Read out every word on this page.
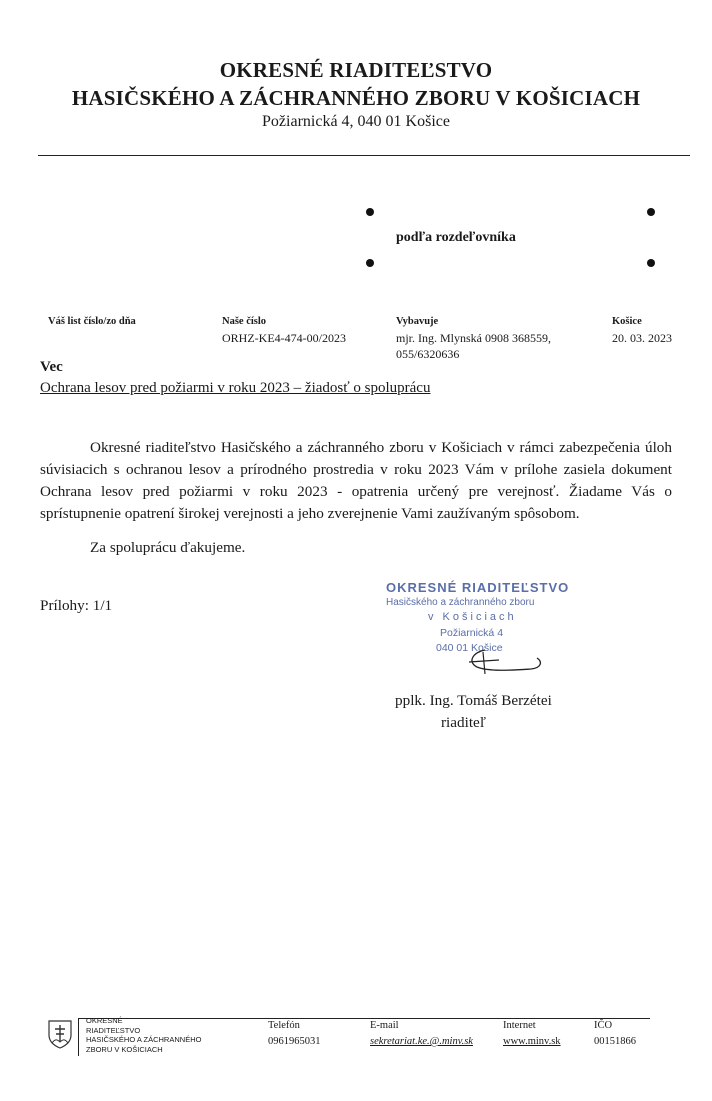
OKRESNÉ RIADITEĽSTVO
HASIČSKÉHO A ZÁCHRANNÉHO ZBORU V KOŠICIACH
Požiarnická 4, 040 01 Košice
podľa rozdeľovníka
Váš list číslo/zo dňa	Naše číslo
ORHZ-KE4-474-00/2023
Vybavuje
mjr. Ing. Mlynská 0908 368559,
055/6320636
Košice
20. 03. 2023
Vec
Ochrana lesov pred požiarmi v roku 2023 – žiadosť o spoluprácu

Okresné riaditeľstvo Hasičského a záchranného zboru v Košiciach v rámci zabezpečenia úloh súvisiacich s ochranou lesov a prírodného prostredia v roku 2023 Vám v prílohe zasiela dokument Ochrana lesov pred požiarmi v roku 2023 - opatrenia určený pre verejnosť. Žiadame Vás o sprístupnenie opatrení širokej verejnosti a jeho zverejnenie Vami zaužívaným spôsobom.

Za spoluprácu ďakujeme.
Prílohy: 1/1
OKRESNÉ RIADITEĽSTVO
Hasičského a záchranného zboru
v Košiciach
Požiarnická 4
040 01 Košice
pplk. Ing. Tomáš Berzétei
riaditeľ
OKRESNÉ
RIADITEĽSTVO
HASIČSKÉHO A ZÁCHRANNÉHO
ZBORU V KOŠICIACH
Telefón
0961965031
E-mail
sekretariat.ke.@.minv.sk
Internet
www.minv.sk
IČO
00151866
